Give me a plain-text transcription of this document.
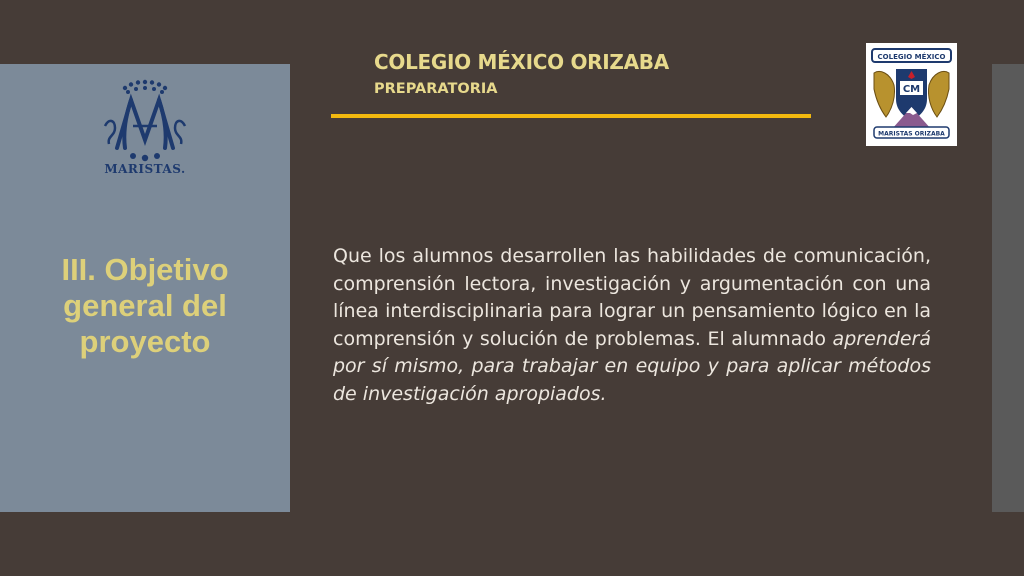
MARISTAS.
III. Objetivo general del proyecto
COLEGIO MÉXICO ORIZABA
PREPARATORIA
COLEGIO MÉXICO
CM
MARISTAS ORIZABA
Que los alumnos desarrollen las habilidades de comunicación, comprensión lectora, investigación y argumentación con una línea interdisciplinaria para lograr un pensamiento lógico en la comprensión y solución de problemas. El alumnado aprenderá por sí mismo, para trabajar en equipo y para aplicar métodos de investigación apropiados.
